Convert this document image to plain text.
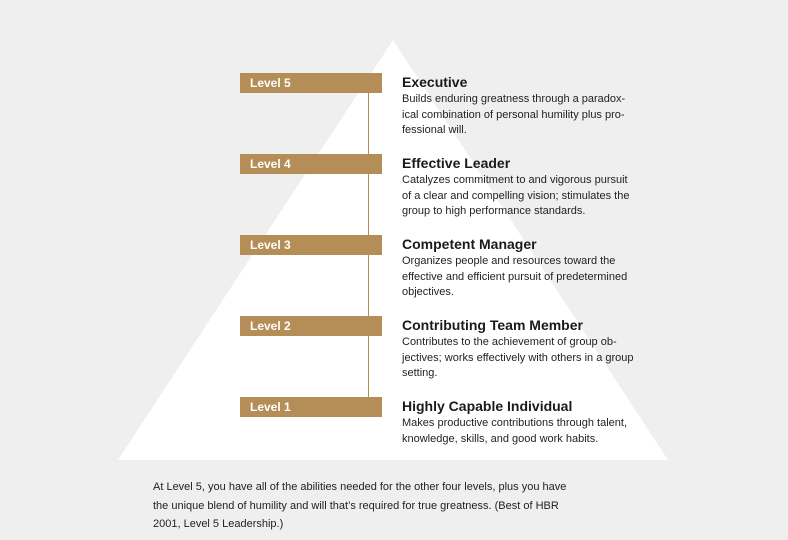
Level 5	Executive
Builds enduring greatness through a paradox-
ical combination of personal humility plus pro-
fessional will.
Level 4	Effective Leader
Catalyzes commitment to and vigorous pursuit
of a clear and compelling vision; stimulates the
group to high performance standards.
Level 3	Competent Manager
Organizes people and resources toward the
effective and efficient pursuit of predetermined
objectives.
Level 2	Contributing Team Member
Contributes to the achievement of group ob-
jectives; works effectively with others in a group
setting.
Level 1	Highly Capable Individual
Makes productive contributions through talent,
knowledge, skills, and good work habits.
At Level 5, you have all of the abilities needed for the other four levels, plus you have
the unique blend of humility and will that’s required for true greatness. (Best of HBR
2001, Level 5 Leadership.)
